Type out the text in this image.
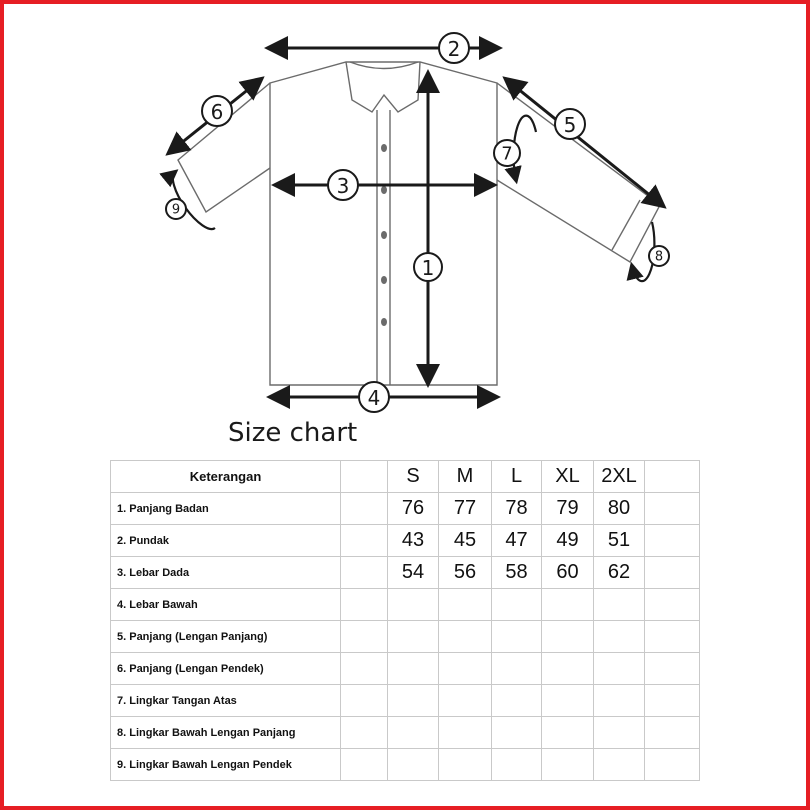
2
1
3
4
5
6
7
8
9
Size chart
Keterangan		S	M	L	XL	2XL	
1. Panjang Badan		76	77	78	79	80	
2. Pundak		43	45	47	49	51	
3. Lebar Dada		54	56	58	60	62	
4. Lebar Bawah							
5. Panjang (Lengan Panjang)							
6. Panjang (Lengan Pendek)							
7. Lingkar Tangan Atas							
8. Lingkar Bawah Lengan Panjang							
9. Lingkar Bawah Lengan Pendek							
